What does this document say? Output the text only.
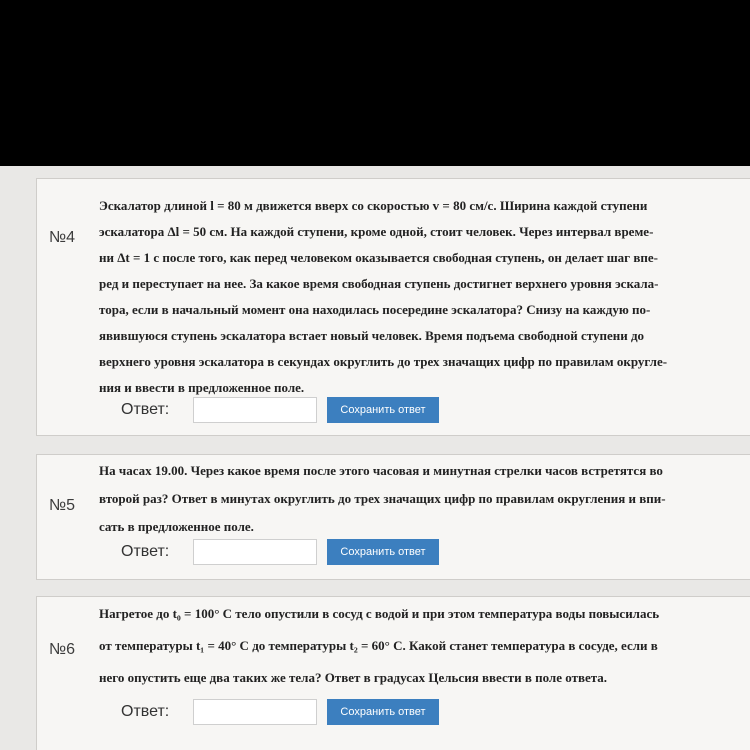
№4

Эскалатор длиной l = 80 м движется вверх со скоростью v = 80 см/с. Ширина каждой ступени

эскалатора Δl = 50 см. На каждой ступени, кроме одной, стоит человек. Через интервал време-

ни Δt = 1 с после того, как перед человеком оказывается свободная ступень, он делает шаг впе-

ред и переступает на нее. За какое время свободная ступень достигнет верхнего уровня эскала-

тора, если в начальный момент она находилась посередине эскалатора? Снизу на каждую по-

явившуюся ступень эскалатора встает новый человек. Время подъема свободной ступени до

верхнего уровня эскалатора в секундах округлить до трех значащих цифр по правилам округле-

ния и ввести в предложенное поле.

Ответ:	Сохранить ответ
№5

На часах 19.00. Через какое время после этого часовая и минутная стрелки часов встретятся во

второй раз? Ответ в минутах округлить до трех значащих цифр по правилам округления и впи-

сать в предложенное поле.

Ответ:	Сохранить ответ
№6

Нагретое до t₀ = 100° С тело опустили в сосуд с водой и при этом температура воды повысилась

от температуры t₁ = 40° С до температуры t₂ = 60° С. Какой станет температура в сосуде, если в

него опустить еще два таких же тела? Ответ в градусах Цельсия ввести в поле ответа.

Ответ:	Сохранить ответ
